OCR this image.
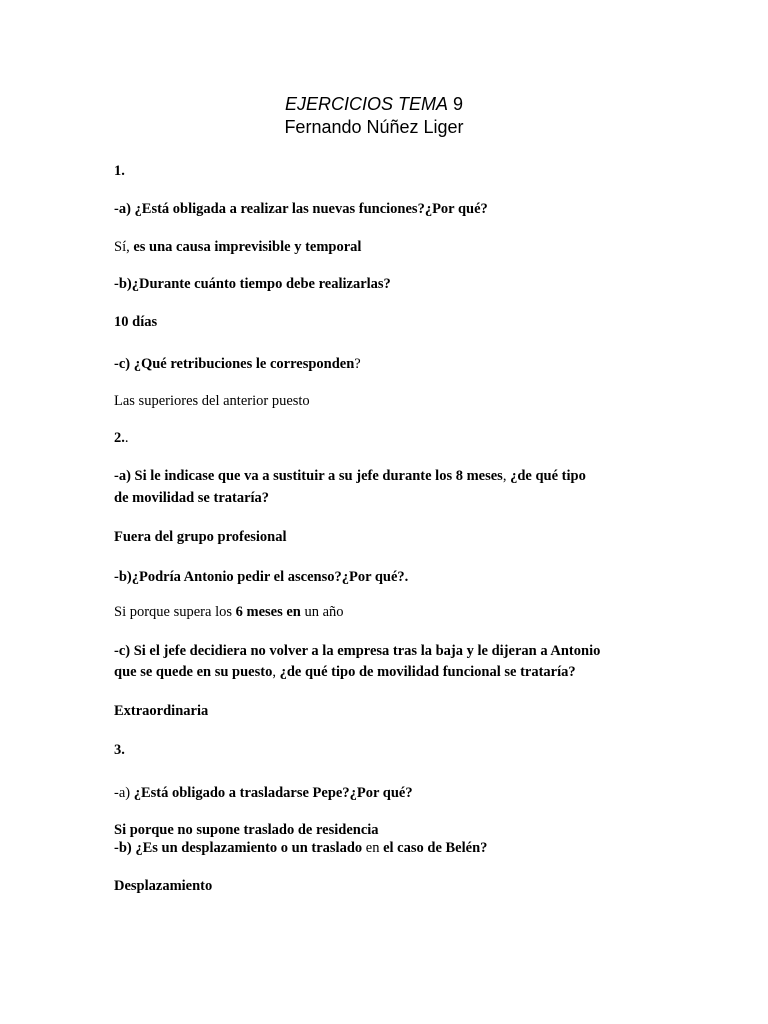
EJERCICIOS TEMA 9
Fernando Núñez Liger
1.
-a) ¿Está obligada a realizar las nuevas funciones?¿Por qué?
Sí, es una causa imprevisible y temporal
-b)¿Durante cuánto tiempo debe realizarlas?
10 días
-c) ¿Qué retribuciones le corresponden?
Las superiores del anterior puesto
2..
-a) Si le indicase que va a sustituir a su jefe durante los 8 meses, ¿de qué tipo
de movilidad se trataría?
Fuera del grupo profesional
-b)¿Podría Antonio pedir el ascenso?¿Por qué?.
Si porque supera los 6 meses en un año
-c) Si el jefe decidiera no volver a la empresa tras la baja y le dijeran a Antonio
que se quede en su puesto, ¿de qué tipo de movilidad funcional se trataría?
Extraordinaria
3.
-a) ¿Está obligado a trasladarse Pepe?¿Por qué?
Si porque no supone traslado de residencia
-b) ¿Es un desplazamiento o un traslado en el caso de Belén?
Desplazamiento
